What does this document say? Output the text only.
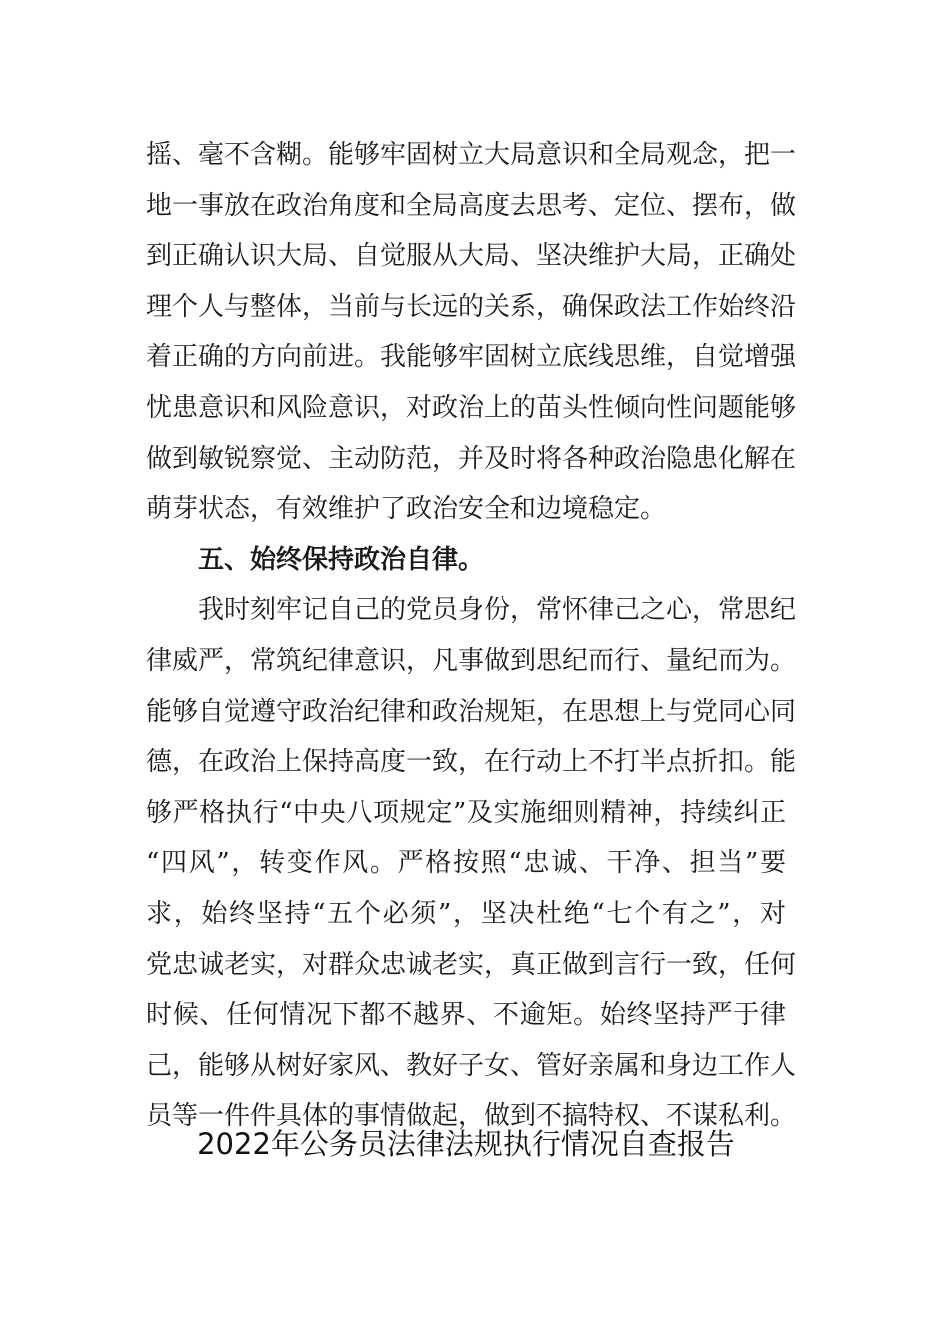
摇、毫不含糊。能够牢固树立大局意识和全局观念，把一
地一事放在政治角度和全局高度去思考、定位、摆布，做
到正确认识大局、自觉服从大局、坚决维护大局，正确处
理个人与整体，当前与长远的关系，确保政法工作始终沿
着正确的方向前进。我能够牢固树立底线思维，自觉增强
忧患意识和风险意识，对政治上的苗头性倾向性问题能够
做到敏锐察觉、主动防范，并及时将各种政治隐患化解在
萌芽状态，有效维护了政治安全和边境稳定。
五、始终保持政治自律。
我时刻牢记自己的党员身份，常怀律己之心，常思纪
律威严，常筑纪律意识，凡事做到思纪而行、量纪而为。
能够自觉遵守政治纪律和政治规矩，在思想上与党同心同
德，在政治上保持高度一致，在行动上不打半点折扣。能
够严格执行“中央八项规定”及实施细则精神，持续纠正
“四风”，转变作风。严格按照“忠诚、干净、担当”要
求，始终坚持“五个必须”，坚决杜绝“七个有之”，对
党忠诚老实，对群众忠诚老实，真正做到言行一致，任何
时候、任何情况下都不越界、不逾矩。始终坚持严于律
己，能够从树好家风、教好子女、管好亲属和身边工作人
员等一件件具体的事情做起，做到不搞特权、不谋私利。
2022年公务员法律法规执行情况自查报告
